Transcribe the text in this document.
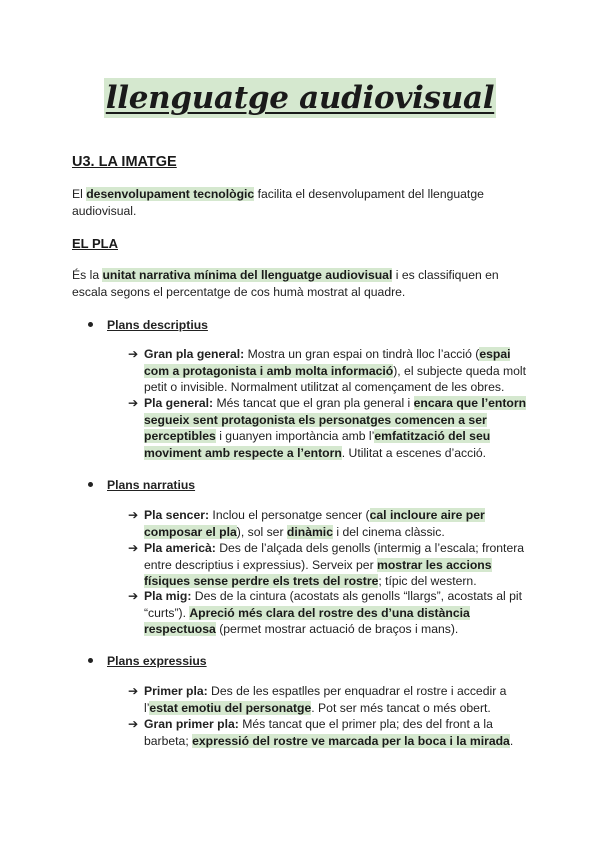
llenguatge audiovisual
U3. LA IMATGE
El desenvolupament tecnològic facilita el desenvolupament del llenguatge audiovisual.
EL PLA
És la unitat narrativa mínima del llenguatge audiovisual i es classifiquen en escala segons el percentatge de cos humà mostrat al quadre.
Plans descriptius
➔ Gran pla general: Mostra un gran espai on tindrà lloc l’acció (espai com a protagonista i amb molta informació), el subjecte queda molt petit o invisible. Normalment utilitzat al començament de les obres.
➔ Pla general: Més tancat que el gran pla general i encara que l’entorn segueix sent protagonista els personatges comencen a ser perceptibles i guanyen importància amb l’emfatització del seu moviment amb respecte a l’entorn. Utilitat a escenes d’acció.
Plans narratius
➔ Pla sencer: Inclou el personatge sencer (cal incloure aire per composar el pla), sol ser dinàmic i del cinema clàssic.
➔ Pla americà: Des de l’alçada dels genolls (intermig a l’escala; frontera entre descriptius i expressius). Serveix per mostrar les accions físiques sense perdre els trets del rostre; típic del western.
➔ Pla mig: Des de la cintura (acostats als genolls “llargs”, acostats al pit “curts”). Apreció més clara del rostre des d’una distància respectuosa (permet mostrar actuació de braços i mans).
Plans expressius
➔ Primer pla: Des de les espatlles per enquadrar el rostre i accedir a l’estat emotiu del personatge. Pot ser més tancat o més obert.
➔ Gran primer pla: Més tancat que el primer pla; des del front a la barbeta; expressió del rostre ve marcada per la boca i la mirada.
